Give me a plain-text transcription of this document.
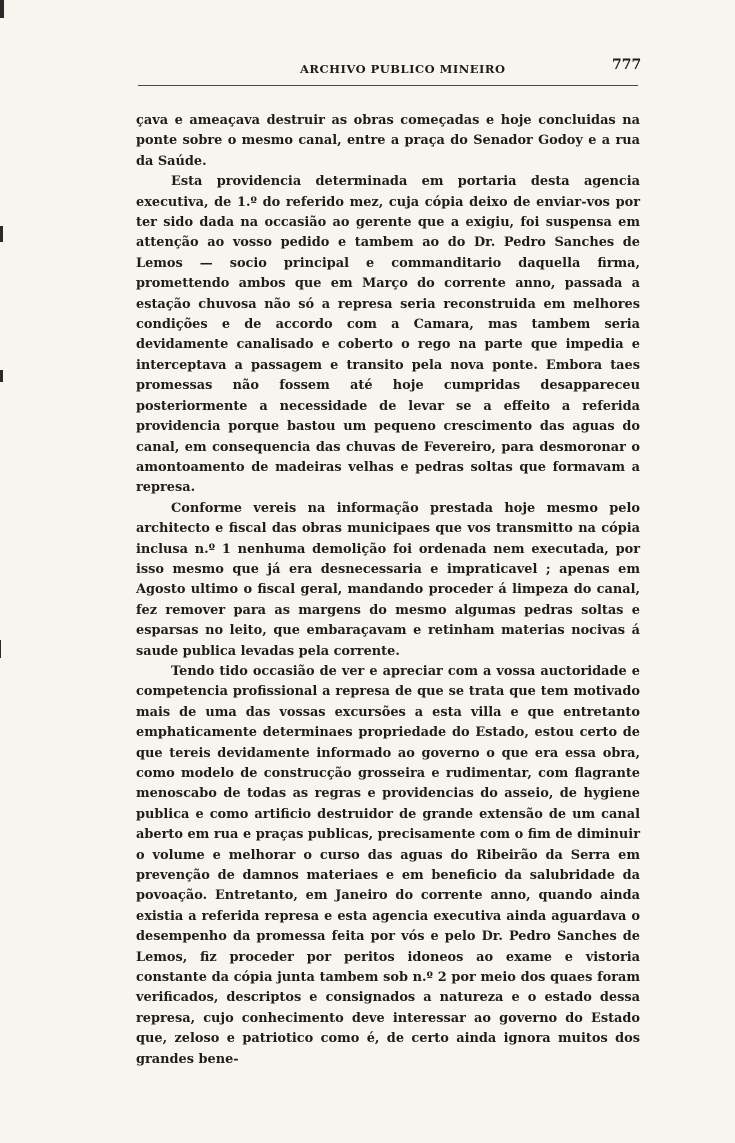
ARCHIVO PUBLICO MINEIRO	777

çava e ameaçava destruir as obras começadas e hoje concluidas na ponte sobre o mesmo canal, entre a praça do Senador Godoy e a rua da Saúde.

Esta providencia determinada em portaria desta agencia executiva, de 1.º do referido mez, cuja cópia deixo de enviar-vos por ter sido dada na occasião ao gerente que a exigiu, foi suspensa em attenção ao vosso pedido e tambem ao do Dr. Pedro Sanches de Lemos — socio principal e commanditario daquella firma, promettendo ambos que em Março do corrente anno, passada a estação chuvosa não só a represa seria reconstruida em melhores condições e de accordo com a Camara, mas tambem seria devidamente canalisado e coberto o rego na parte que impedia e interceptava a passagem e transito pela nova ponte. Embora taes promessas não fossem até hoje cumpridas desappareceu posteriormente a necessidade de levar se a effeito a referida providencia porque bastou um pequeno crescimento das aguas do canal, em consequencia das chuvas de Fevereiro, para desmoronar o amontoamento de madeiras velhas e pedras soltas que formavam a represa.

Conforme vereis na informação prestada hoje mesmo pelo architecto e fiscal das obras municipaes que vos transmitto na cópia inclusa n.º 1 nenhuma demolição foi ordenada nem executada, por isso mesmo que já era desnecessaria e impraticavel ; apenas em Agosto ultimo o fiscal geral, mandando proceder á limpeza do canal, fez remover para as margens do mesmo algumas pedras soltas e esparsas no leito, que embaraçavam e retinham materias nocivas á saude publica levadas pela corrente.

Tendo tido occasião de ver e apreciar com a vossa auctoridade e competencia profissional a represa de que se trata que tem motivado mais de uma das vossas excursões a esta villa e que entretanto emphaticamente determinaes propriedade do Estado, estou certo de que tereis devidamente informado ao governo o que era essa obra, como modelo de construcção grosseira e rudimentar, com flagrante menoscabo de todas as regras e providencias do asseio, de hygiene publica e como artificio destruidor de grande extensão de um canal aberto em rua e praças publicas, precisamente com o fim de diminuir o volume e melhorar o curso das aguas do Ribeirão da Serra em prevenção de damnos materiaes e em beneficio da salubridade da povoação. Entretanto, em Janeiro do corrente anno, quando ainda existia a referida represa e esta agencia executiva ainda aguardava o desempenho da promessa feita por vós e pelo Dr. Pedro Sanches de Lemos, fiz proceder por peritos idoneos ao exame e vistoria constante da cópia junta tambem sob n.º 2 por meio dos quaes foram verificados, descriptos e consignados a natureza e o estado dessa represa, cujo conhecimento deve interessar ao governo do Estado que, zeloso e patriotico como é, de certo ainda ignora muitos dos grandes bene-
